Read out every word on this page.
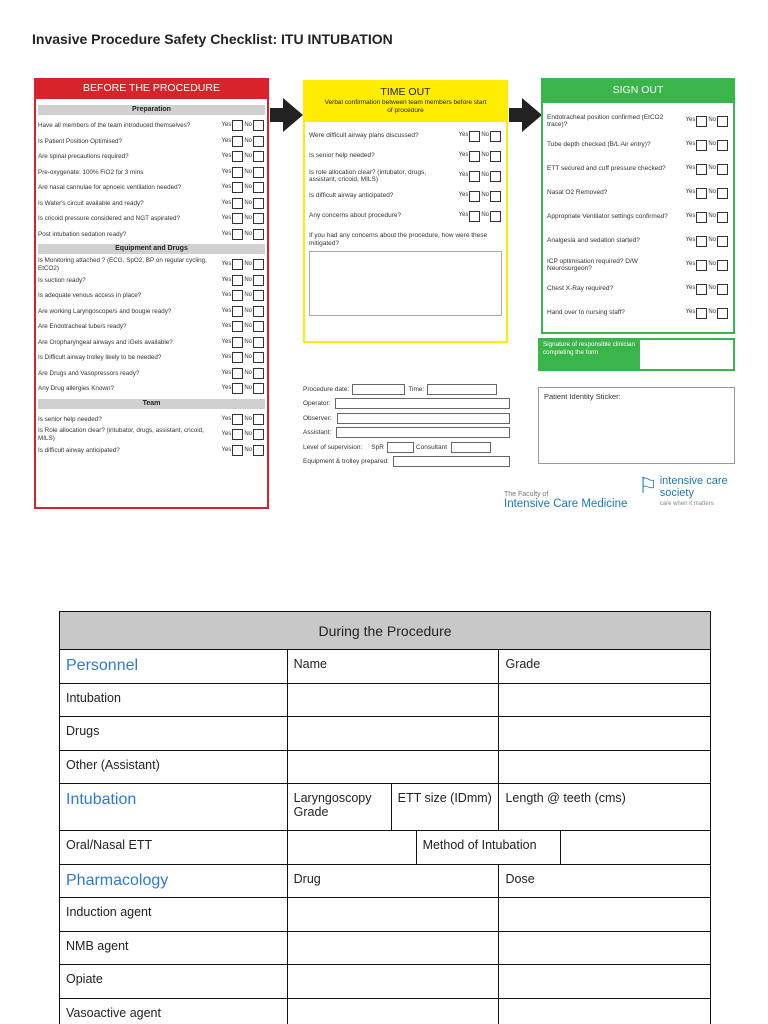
Invasive Procedure Safety Checklist: ITU INTUBATION
BEFORE THE PROCEDURE
Preparation
Have all members of the team introduced themselves?	Yes No
Is Patient Position Optimised?	Yes No
Are spinal precautions required?	Yes No
Pre-oxygenate: 100% FiO2 for 3 mins	Yes No
Are nasal cannulae for apnoeic ventilation needed?	Yes No
Is Water's circuit available and ready?	Yes No
Is cricoid pressure considered and NGT aspirated?	Yes No
Post intubation sedation ready?	Yes No
Equipment and Drugs
Is Monitoring attached ? (ECG, SpO2, BP on regular cycling, EtCO2)
Yes No
Is suction ready?	Yes No
Is adequate venous access in place?	Yes No
Are working Laryngoscope/s and bougie ready?	Yes No
Are Endotracheal tube/s ready?	Yes No
Are Oropharyngeal airways and iGels available?	Yes No
Is Difficult airway trolley likely to be needed?	Yes No
Are Drugs and Vasopressors ready?	Yes No
Any Drug allergies Known?	Yes No
Team
Is senior help needed?	Yes No
Is Role allocation clear? (intubator, drugs, assistant, cricoid, MILS)
Yes No
Is difficult airway anticipated?	Yes No
TIME OUT
Verbal confirmation between team members before start of procedure
Were difficult airway plans discussed?	Yes No
Is senior help needed?	Yes No
Is role allocation clear? (intubator, drugs, assistant, cricoid, MILS)
Yes No
Is difficult airway anticipated?	Yes No
Any concerns about procedure?	Yes No
If you had any concerns about the procedure, how were these mitigated?
SIGN OUT
Endotracheal position confirmed (EtCO2 trace)?
Yes No
Tube depth checked (B/L Air entry)?	Yes No
ETT secured and cuff pressure checked?	Yes No
Nasal O2 Removed?	Yes No
Appropriate Ventilator settings confirmed?	Yes No
Analgesia and sedation started?	Yes No
ICP optimisation required? D/W Neurosurgeon?
Yes No
Chest X-Ray required?	Yes No
Hand over to nursing staff?	Yes No
Signature of responsible clinician completing the form
Patient Identity Sticker:
Procedure date:	Time:
Operator:
Observer:
Assistant:
Level of supervision: SpR	Consultant
Equipment & trolley prepared:
The Faculty of
Intensive Care Medicine
⚐ intensive care
society
care when it matters
During the Procedure					
Personnel	Name			Grade	
Intubation					
Drugs					
Other (Assistant)					
Intubation	Laryngoscopy Grade	ETT size (IDmm)		Length @ teeth (cms)	
Oral/Nasal ETT			Method of Intubation		
Pharmacology	Drug			Dose	
Induction agent					
NMB agent					
Opiate					
Vasoactive agent					
